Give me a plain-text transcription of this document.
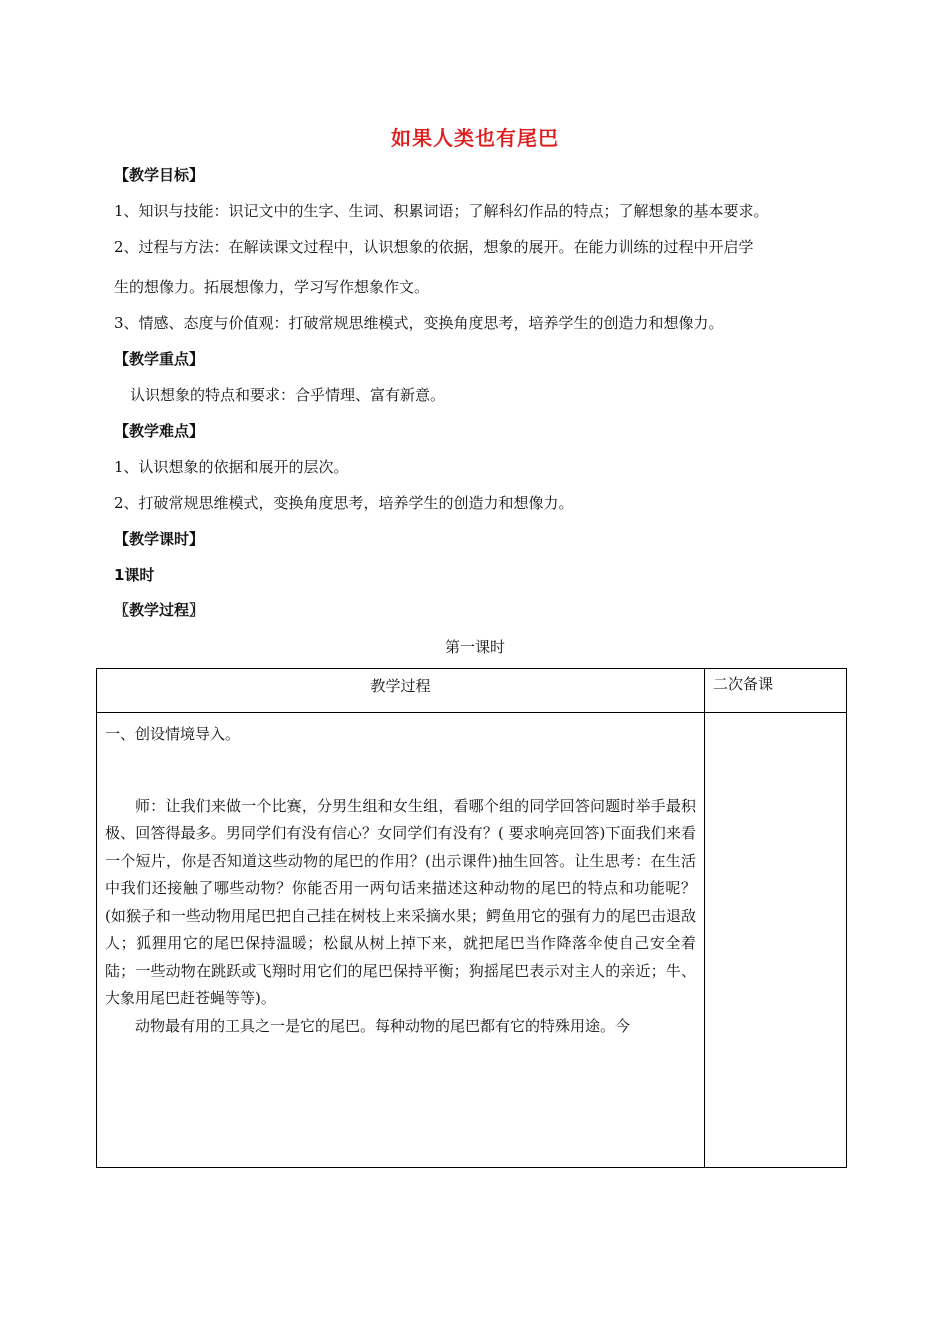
如果人类也有尾巴
【教学目标】
1、知识与技能：识记文中的生字、生词、积累词语；了解科幻作品的特点；了解想象的基本要求。
2、过程与方法：在解读课文过程中，认识想象的依据，想象的展开。在能力训练的过程中开启学
生的想像力。拓展想像力，学习写作想象作文。
3、情感、态度与价值观：打破常规思维模式，变换角度思考，培养学生的创造力和想像力。
【教学重点】
认识想象的特点和要求：合乎情理、富有新意。
【教学难点】
1、认识想象的依据和展开的层次。
2、打破常规思维模式，变换角度思考，培养学生的创造力和想像力。
【教学课时】
1课时
〖教学过程〗
第一课时
教学过程	二次备课

一、创设情境导入。

师：让我们来做一个比赛，分男生组和女生组，看哪个组的同学回答问题时举手最积极、回答得最多。男同学们有没有信心？女同学们有没有？( 要求响亮回答)下面我们来看一个短片，你是否知道这些动物的尾巴的作用？(出示课件)抽生回答。让生思考：在生活中我们还接触了哪些动物？你能否用一两句话来描述这种动物的尾巴的特点和功能呢？ (如猴子和一些动物用尾巴把自己挂在树枝上来采摘水果；鳄鱼用它的强有力的尾巴击退敌人；狐狸用它的尾巴保持温暖；松鼠从树上掉下来，就把尾巴当作降落伞使自己安全着陆；一些动物在跳跃或飞翔时用它们的尾巴保持平衡；狗摇尾巴表示对主人的亲近；牛、大象用尾巴赶苍蝇等等)。

动物最有用的工具之一是它的尾巴。每种动物的尾巴都有它的特殊用途。今	
